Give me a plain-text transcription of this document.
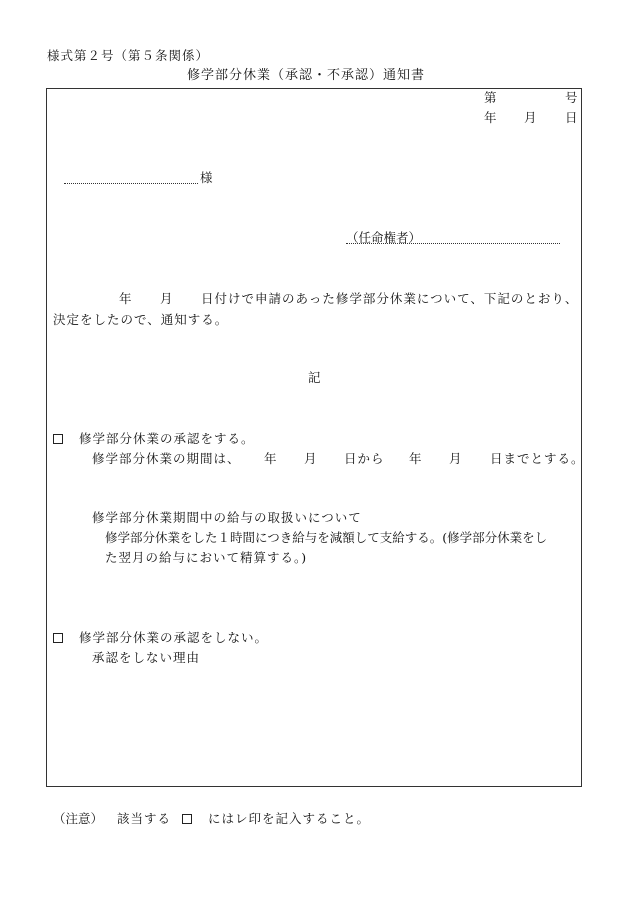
様式第２号（第５条関係）
修学部分休業（承認・不承認）通知書
第	号
年 月 日
様
（任命権者）
年 月 日付けで申請のあった修学部分休業について、下記のとおり、
決定をしたので、通知する。
記
修学部分休業の承認をする。
修学部分休業の期間は、 年 月 日から 年 月 日までとする。
修学部分休業期間中の給与の取扱いについて
修学部分休業をした１時間につき給与を減額して支給する。(修学部分休業をし
た翌月の給与において精算する。)
修学部分休業の承認をしない。
承認をしない理由
（注意） 該当する	にはレ印を記入すること。
